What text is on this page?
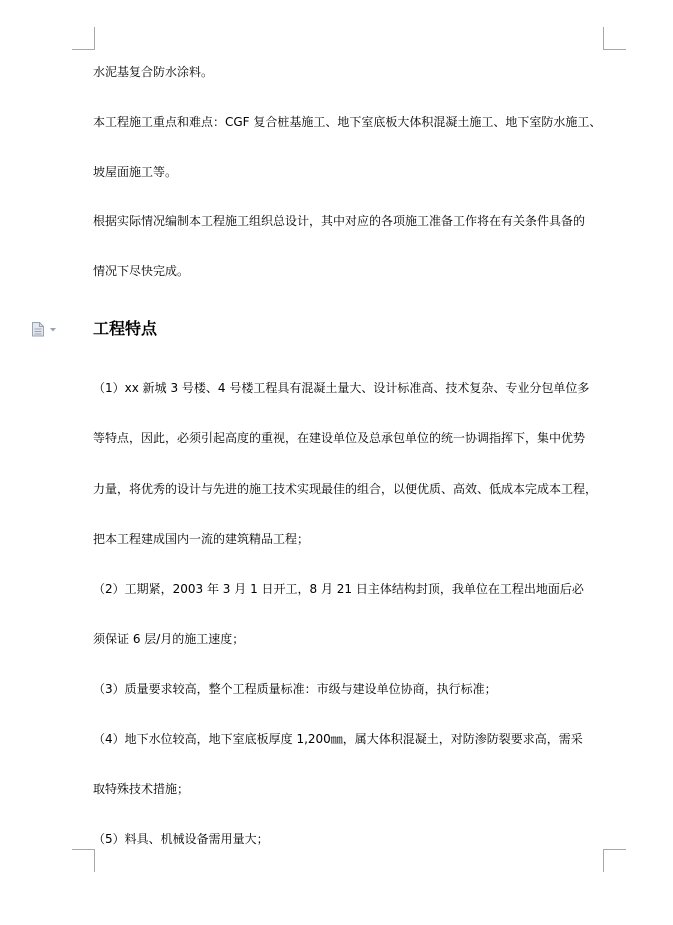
水泥基复合防水涂料。
本工程施工重点和难点：CGF 复合桩基施工、地下室底板大体积混凝土施工、地下室防水施工、
坡屋面施工等。
根据实际情况编制本工程施工组织总设计，其中对应的各项施工准备工作将在有关条件具备的
情况下尽快完成。
工程特点
（1）xx 新城 3 号楼、4 号楼工程具有混凝土量大、设计标准高、技术复杂、专业分包单位多
等特点，因此，必须引起高度的重视，在建设单位及总承包单位的统一协调指挥下，集中优势
力量，将优秀的设计与先进的施工技术实现最佳的组合，以便优质、高效、低成本完成本工程，
把本工程建成国内一流的建筑精品工程；
（2）工期紧，2003 年 3 月 1 日开工，8 月 21 日主体结构封顶，我单位在工程出地面后必
须保证 6 层/月的施工速度；
（3）质量要求较高，整个工程质量标准：市级与建设单位协商，执行标准；
（4）地下水位较高，地下室底板厚度 1,200㎜，属大体积混凝土，对防渗防裂要求高，需采
取特殊技术措施；
（5）料具、机械设备需用量大；
